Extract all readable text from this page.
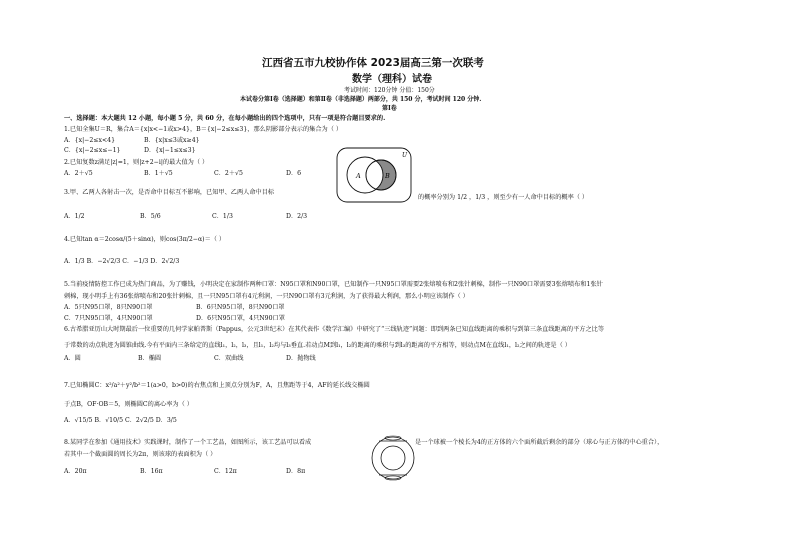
江西省五市九校协作体 2023届高三第一次联考
数学（理科）试卷
考试时间：120分钟 分值：150分
本试卷分第Ⅰ卷（选择题）和第Ⅱ卷（非选择题）两部分，共 150 分，考试时间 120 分钟.
第Ⅰ卷
一、选择题：本大题共 12 小题，每小题 5 分，共 60 分，在每小题给出的四个选项中，只有一项是符合题目要求的.
1.已知全集U＝R，集合A＝{x|x<−1或x>4}，B＝{x|−2≤x≤3}，那么阴影部分表示的集合为（ ）
A．{x|−2≤x<4}	B．{x|x≤3或x≥4}
C．{x|−2≤x≤−1}	D．{x|−1≤x≤3}
U
A	B
2.已知复数z满足|z|=1，则|z+2−i|的最大值为（ ）
A．2＋√5	B．1＋√5	C．2＋√5	D．6
3.甲、乙两人各射击一次，是否命中目标互不影响，已知甲、乙两人命中目标
的概率分别为 1/2 ，1/3 ，则至少有一人命中目标的概率（ ）
A．1/2	B．5/6	C．1/3	D．2/3
4.已知tan α＝2cosα/(5＋sinα)，则cos(3π/2−α)＝（ ）
A．1/3 B．−2√2/3 C．−1/3 D．2√2/3
5.当前疫情防控工作已成为热门商品，为了赚钱，小明决定在家制作两种口罩：N95口罩和N90口罩，已知制作一只N95口罩需要2张熔喷布和2张针刺棉，制作一只N90口罩需要3张熔喷布和1张针
刺棉，现小明手上有36张熔喷布和20张针刺棉，且一只N95口罩有4元利润，一只N90口罩有3元利润，为了获得最大利润，那么小明应该制作（ ）
A．5只N95口罩，8只N90口罩	B．6只N95口罩，8只N90口罩
C．7只N95口罩，4只N90口罩	D．6只N95口罩，4只N90口罩
6.古希腊亚历山大时期最后一位重要的几何学家帕普斯（Pappus，公元3世纪末）在其代表作《数学汇编》中研究了“三线轨迹”问题：即到两条已知直线距离的乘积与到第三条直线距离的平方之比等
于常数的动点轨迹为圆锥曲线.今有平面内三条给定的直线l₁，l₂，l₃，且l₁，l₂均与l₃垂直.若动点M到l₁，l₂的距离的乘积与到l₃的距离的平方相等，则动点M在直线l₁，l₂之间的轨迹是（ ）
A．圆	B．椭圆	C．双曲线	D．抛物线
7.已知椭圆C：x²/a²＋y²/b²＝1(a>0，b>0)的右焦点和上顶点分别为F，A，且焦距等于4，AF的延长线交椭圆
于点B，OF·OB＝5，则椭圆C的离心率为（ ）
A．√15/5 B．√10/5 C．2√2/5 D．3/5
8.某同学在参加《通用技术》实践课时，制作了一个工艺品，如图所示，该工艺品可以看成	是一个球被一个棱长为4的正方体的六个面所截后剩余的部分（球心与正方体的中心重合），
若其中一个截面圆的周长为2π，则该球的表面积为（ ）
A．20π	B．16π	C．12π	D．8π
